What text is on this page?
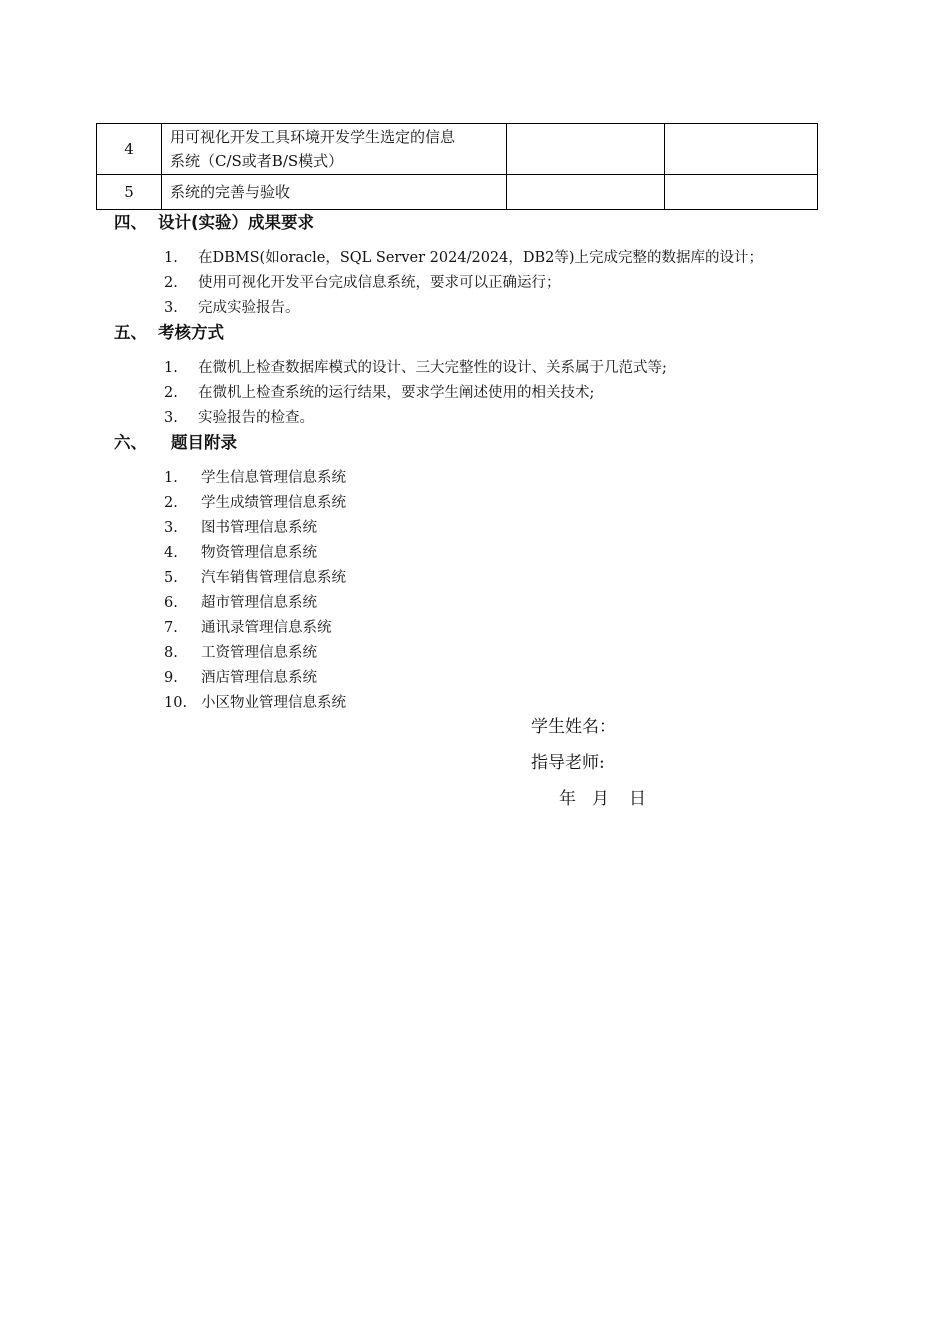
4	用可视化开发工具环境开发学生选定的信息
系统（C/S或者B/S模式）		

5	系统的完善与验收		

四、 设计(实验）成果要求
1. 在DBMS(如oracle，SQL Server 2024/2024，DB2等)上完成完整的数据库的设计；
2. 使用可视化开发平台完成信息系统，要求可以正确运行；
3. 完成实验报告。
五、 考核方式
1. 在微机上检查数据库模式的设计、三大完整性的设计、关系属于几范式等;
2. 在微机上检查系统的运行结果，要求学生阐述使用的相关技术;
3. 实验报告的检查。
六、 题目附录
1. 学生信息管理信息系统
2. 学生成绩管理信息系统
3. 图书管理信息系统
4. 物资管理信息系统
5. 汽车销售管理信息系统
6. 超市管理信息系统
7. 通讯录管理信息系统
8. 工资管理信息系统
9. 酒店管理信息系统
10. 小区物业管理信息系统
学生姓名：
指导老师:
年 月 日
